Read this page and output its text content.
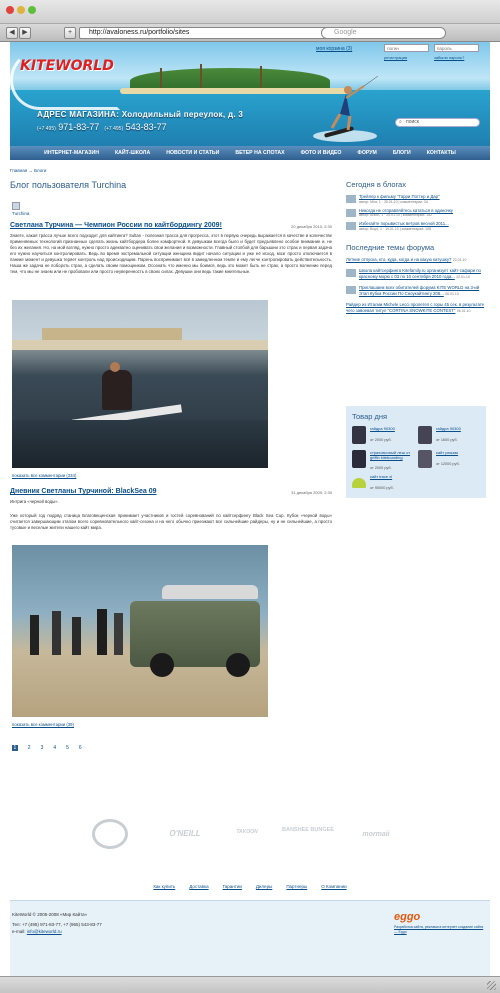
◀	▶	+	http://avaloness.ru/portfolio/sites	Google
KITEWORLD
АДРЕС МАГАЗИНА: Холодильный переулок, д. 3
(+7 495) 971-83-77 (+7 495) 543-83-77
моя корзина (3)
логин
пароль
регистрация	забыли пароль?
⌕ поиск
ИНТЕРНЕТ-МАГАЗИН	КАЙТ-ШКОЛА	НОВОСТИ И СТАТЬИ	ВЕТЕР НА СПОТАХ	ФОТО И ВИДЕО	ФОРУМ	БЛОГИ	КОНТАКТЫ
Главная → Блоги
Блог пользователя Turchina
Turchina
Светлана Турчина — Чемпион России по кайтбордингу 2009!	20 декабря 2010, 2:30
Знаете, какая трасса лучше всего подходит для кайтинга? Sultan - полезная трасса для прогресса, этот в первую очередь выражается в качестве и количестве применяемых технологий признанных сделать жизнь кайтбордера более комфортной. К девушкам всегда было и будет предъявлено особое внимание и, не без их желания. Но, на мой взгляд, нужно просто адекватно оценивать свои желания и возможности. Главный столбой для барышни это страх и первая задача его нужно научиться контролировать. Ведь во время экстремальной ситуации женщина видит начало ситуации и уже её исход, мозг просто отключается в панике момент и девушка теряет контроль над происходящим. Парень воспринимает всё в замедленном темпе и ему легче контролировать действительность. Наша же задача не побороть страх, а сделать своим помощником. Осознать что именно мы боимся, ведь это может быть не страх, а просто волнение перед тем, что мы не знаем или не пробовали или просто неуверенность в своих силах. Девушки они ведь такие мнительные.
показать все комментарии (334)
Дневник Светланы Турчиной: BlackSea 09	31 декабря 2009, 2:30
Интрига «черной воды».
Уже который год подряд станица Благовещенская принимает участников и гостей соревнований по кайтсерфингу Black Sea Cup. Кубок «черной воды» считается завершающим этапом всего соревновательного кайт-сезона и на него обычно приезжают все сильнейшие райдеры, ну и не сильнейшие, а просто тусовые и веселые жители нашего кайт мира.
показать все комментарии (39)
1	2 3 4 5 6
Сегодня в блогах
Трейлер к фильму "Гарри Поттер и Дар"
автор: Mira, 1 · 25.01.10 | комментарии: 34
Никогда не отправляйтесь кататься в одиночку
автор: Anton, 1 · 20.01.10 | комментарии: 152
Избегайте порывистых ветров весной 2011...
автор: Boyd, 1 · 19.01.10 | комментарии: 108
Последние темы форума
Летние отпуска, кто, куда, когда и на какую катушку? 22.01.10
Школа кайтсерфинга Kitefamily.ru организует кайт-сафари по красному морю с 03 по 10 сентября 2010 года... 22.01.10
Приглашаем всех обитателей форума KITE WORLD на 3-ий Этап Кубка России По Сноукайтингу 206... 06.01.10
Райдер из Италии Michele Lecci пролетел с горы 45 сек. в результате чего завоевал титул "CORTINA SNOWKITE CONTEST" 06.01.10
Товар дня
гайдра 90300
от 2000 руб.
гайдра 90300
от 1600 руб.
страховочный леш от griffin kiteboarding
от 2000 руб.
кайт рюкзак
от 12000 руб.
кайт trace xl
от 90000 руб.
O'NEILL	TAKOON	BANSHEE BUNGEE
mormaii
Как купить	Доставка	Гарантии	Дилеры	Партнеры	О Компании
KiteWorld © 2005-2008 «Мир Кайта»
Тел: +7 (495) 971-83-77, +7 (965) 543-83-77
e-mail: info@kiteworld.ru
eggo
Разработка сайта, реклама в интернет создание сайта — Eggo
